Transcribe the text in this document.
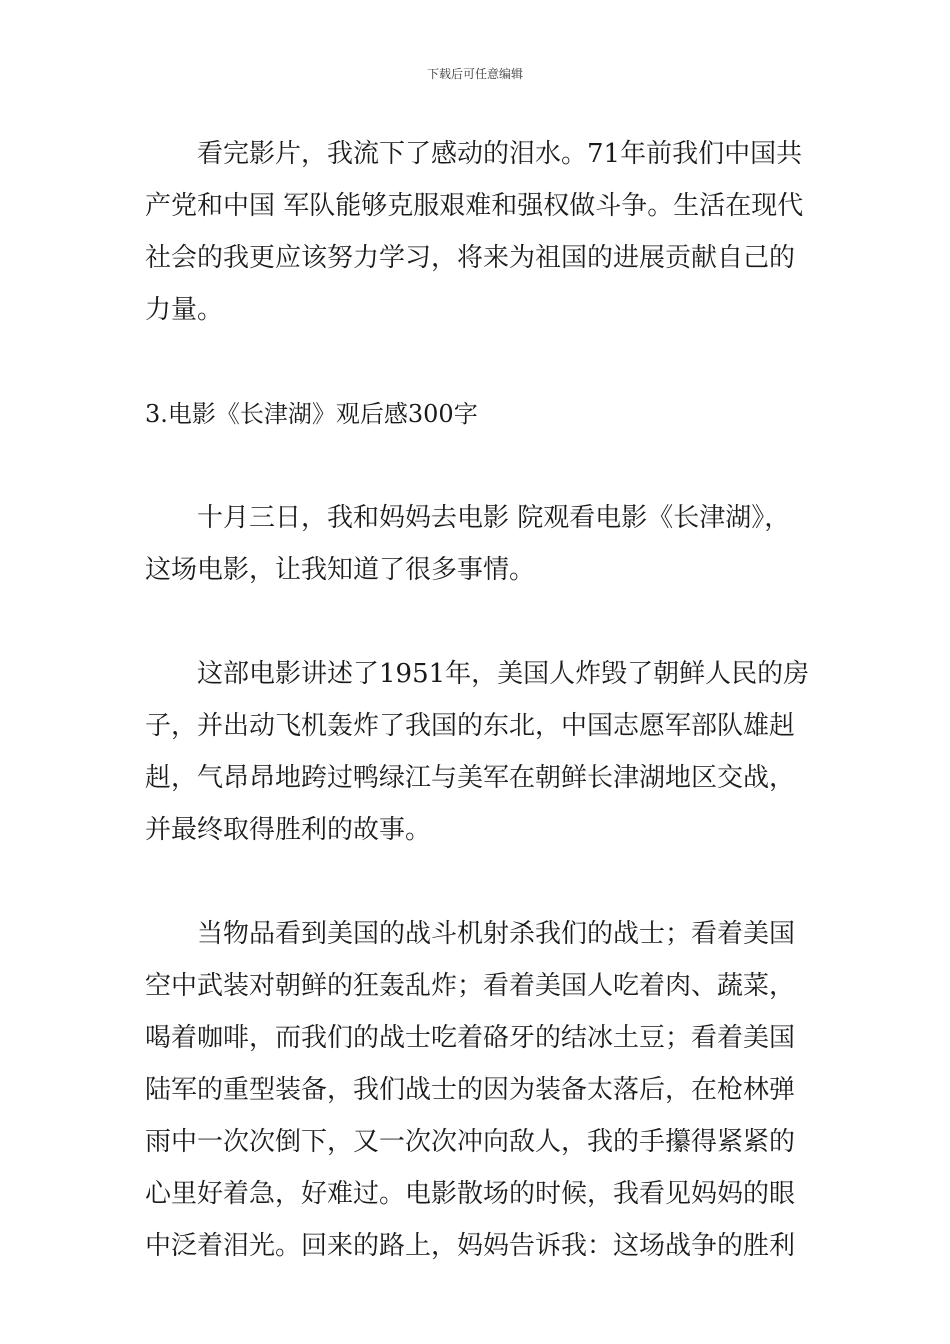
下载后可任意编辑
看完影片，我流下了感动的泪水。71年前我们中国共
产党和中国 军队能够克服艰难和强权做斗争。生活在现代
社会的我更应该努力学习，将来为祖国的进展贡献自己的
力量。
3.电影《长津湖》观后感300字
十月三日，我和妈妈去电影 院观看电影《长津湖》，
这场电影，让我知道了很多事情。
这部电影讲述了1951年，美国人炸毁了朝鲜人民的房
子，并出动飞机轰炸了我国的东北，中国志愿军部队雄赳
赳，气昂昂地跨过鸭绿江与美军在朝鲜长津湖地区交战，
并最终取得胜利的故事。
当物品看到美国的战斗机射杀我们的战士；看着美国
空中武装对朝鲜的狂轰乱炸；看着美国人吃着肉、蔬菜，
喝着咖啡，而我们的战士吃着硌牙的结冰土豆；看着美国
陆军的重型装备，我们战士的因为装备太落后，在枪林弹
雨中一次次倒下，又一次次冲向敌人，我的手攥得紧紧的
心里好着急，好难过。电影散场的时候，我看见妈妈的眼
中泛着泪光。回来的路上，妈妈告诉我：这场战争的胜利
